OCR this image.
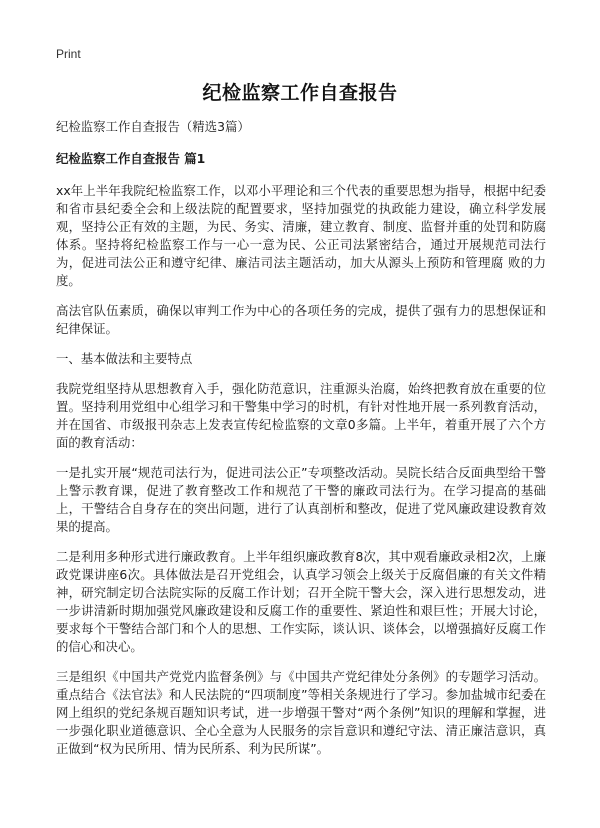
Print
纪检监察工作自查报告
纪检监察工作自查报告（精选3篇）
纪检监察工作自查报告 篇1

xx年上半年我院纪检监察工作，以邓小平理论和三个代表的重要思想为指导，根据中纪委和省市县纪委全会和上级法院的配置要求，坚持加强党的执政能力建设，确立科学发展观，坚持公正有效的主题，为民、务实、清廉，建立教育、制度、监督并重的处罚和防腐体系。坚持将纪检监察工作与一心一意为民、公正司法紧密结合，通过开展规范司法行为，促进司法公正和遵守纪律、廉洁司法主题活动，加大从源头上预防和管理腐 败的力度。

高法官队伍素质，确保以审判工作为中心的各项任务的完成，提供了强有力的思想保证和纪律保证。

一、基本做法和主要特点

我院党组坚持从思想教育入手，强化防范意识，注重源头治腐，始终把教育放在重要的位置。坚持利用党组中心组学习和干警集中学习的时机，有针对性地开展一系列教育活动，并在国省、市级报刊杂志上发表宣传纪检监察的文章0多篇。上半年，着重开展了六个方面的教育活动：

一是扎实开展“规范司法行为，促进司法公正”专项整改活动。吴院长结合反面典型给干警上警示教育课，促进了教育整改工作和规范了干警的廉政司法行为。在学习提高的基础上，干警结合自身存在的突出问题，进行了认真剖析和整改，促进了党风廉政建设教育效果的提高。

二是利用多种形式进行廉政教育。上半年组织廉政教育8次，其中观看廉政录相2次，上廉政党课讲座6次。具体做法是召开党组会，认真学习领会上级关于反腐倡廉的有关文件精神，研究制定切合法院实际的反腐工作计划；召开全院干警大会，深入进行思想发动，进一步讲清新时期加强党风廉政建设和反腐工作的重要性、紧迫性和艰巨性；开展大讨论，要求每个干警结合部门和个人的思想、工作实际，谈认识、谈体会，以增强搞好反腐工作的信心和决心。

三是组织《中国共产党党内监督条例》与《中国共产党纪律处分条例》的专题学习活动。重点结合《法官法》和人民法院的“四项制度”等相关条规进行了学习。参加盐城市纪委在网上组织的党纪条规百题知识考试，进一步增强干警对“两个条例”知识的理解和掌握，进一步强化职业道德意识、全心全意为人民服务的宗旨意识和遵纪守法、清正廉洁意识，真正做到“权为民所用、情为民所系、利为民所谋”。
